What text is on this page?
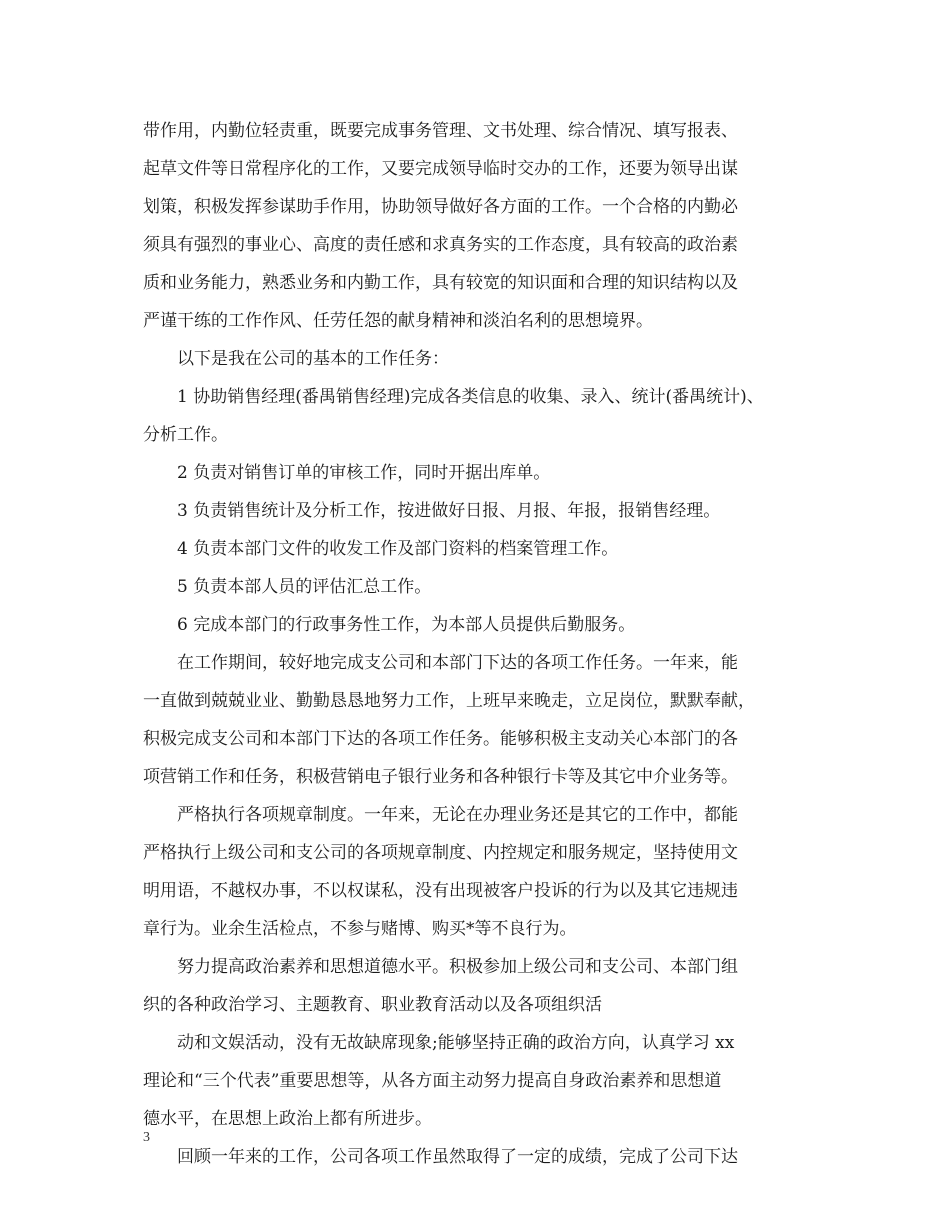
带作用，内勤位轻责重，既要完成事务管理、文书处理、综合情况、填写报表、
起草文件等日常程序化的工作，又要完成领导临时交办的工作，还要为领导出谋
划策，积极发挥参谋助手作用，协助领导做好各方面的工作。一个合格的内勤必
须具有强烈的事业心、高度的责任感和求真务实的工作态度，具有较高的政治素
质和业务能力，熟悉业务和内勤工作，具有较宽的知识面和合理的知识结构以及
严谨干练的工作作风、任劳任怨的献身精神和淡泊名利的思想境界。
以下是我在公司的基本的工作任务：
1 协助销售经理(番禺销售经理)完成各类信息的收集、录入、统计(番禺统计)、
分析工作。
2 负责对销售订单的审核工作，同时开据出库单。
3 负责销售统计及分析工作，按进做好日报、月报、年报，报销售经理。
4 负责本部门文件的收发工作及部门资料的档案管理工作。
5 负责本部人员的评估汇总工作。
6 完成本部门的行政事务性工作，为本部人员提供后勤服务。
在工作期间，较好地完成支公司和本部门下达的各项工作任务。一年来，能
一直做到兢兢业业、勤勤恳恳地努力工作，上班早来晚走，立足岗位，默默奉献，
积极完成支公司和本部门下达的各项工作任务。能够积极主支动关心本部门的各
项营销工作和任务，积极营销电子银行业务和各种银行卡等及其它中介业务等。
严格执行各项规章制度。一年来，无论在办理业务还是其它的工作中，都能
严格执行上级公司和支公司的各项规章制度、内控规定和服务规定，坚持使用文
明用语，不越权办事，不以权谋私，没有出现被客户投诉的行为以及其它违规违
章行为。业余生活检点，不参与赌博、购买*等不良行为。
努力提高政治素养和思想道德水平。积极参加上级公司和支公司、本部门组
织的各种政治学习、主题教育、职业教育活动以及各项组织活
动和文娱活动，没有无故缺席现象;能够坚持正确的政治方向，认真学习 xx
理论和“三个代表”重要思想等，从各方面主动努力提高自身政治素养和思想道
德水平，在思想上政治上都有所进步。
回顾一年来的工作，公司各项工作虽然取得了一定的成绩，完成了公司下达
3
